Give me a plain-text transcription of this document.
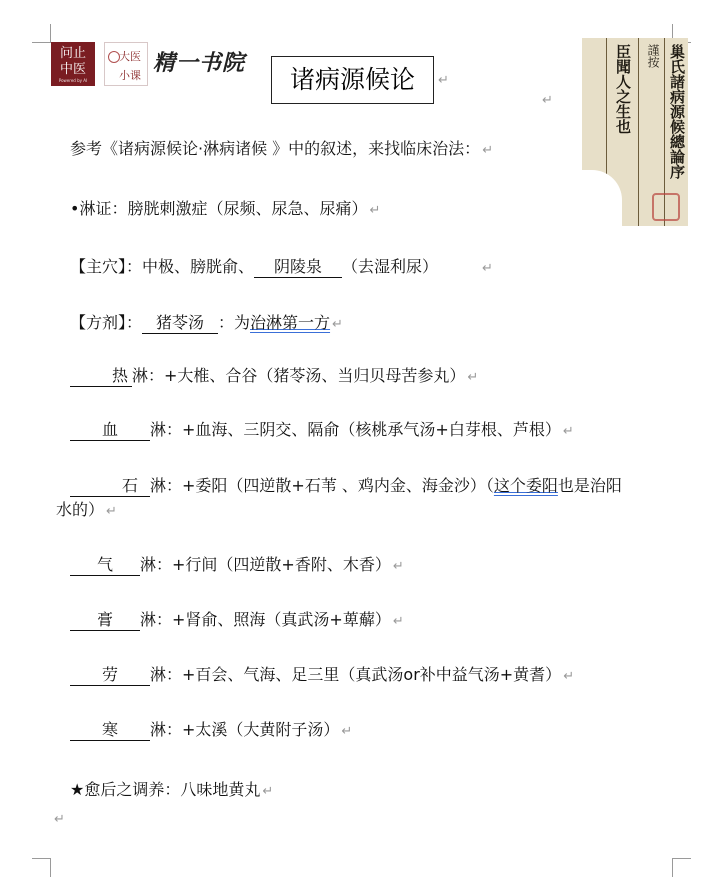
问止
中医
Powered by AI
大医
小课 精一书院
诸病源候论	↵
↵	巢氏諸病源候總論序
謹按
臣聞人之生也
参考《诸病源候论·淋病诸候 》中的叙述，来找临床治法： ↵
•淋证：膀胱刺激症（尿频、尿急、尿痛） ↵
【主穴】：中极、膀胱俞、 阴陵泉 （去湿利尿）	↵
【方剂】： 猪苓汤 ：为治淋第一方 ↵
热 淋：+大椎、合谷（猪苓汤、当归贝母苦参丸） ↵
血 淋：+血海、三阴交、隔俞（核桃承气汤+白芽根、芦根） ↵
石 淋：+委阳（四逆散+石苇 、鸡内金、海金沙）（这个委阳也是治阳
水的） ↵
气 淋：+行间（四逆散+香附、木香） ↵
膏 淋：+肾俞、照海（真武汤+萆薢） ↵
劳 淋：+百会、气海、足三里（真武汤or补中益气汤+黄耆） ↵
寒 淋：+太溪（大黄附子汤） ↵
★愈后之调养：八味地黄丸 ↵
↵
